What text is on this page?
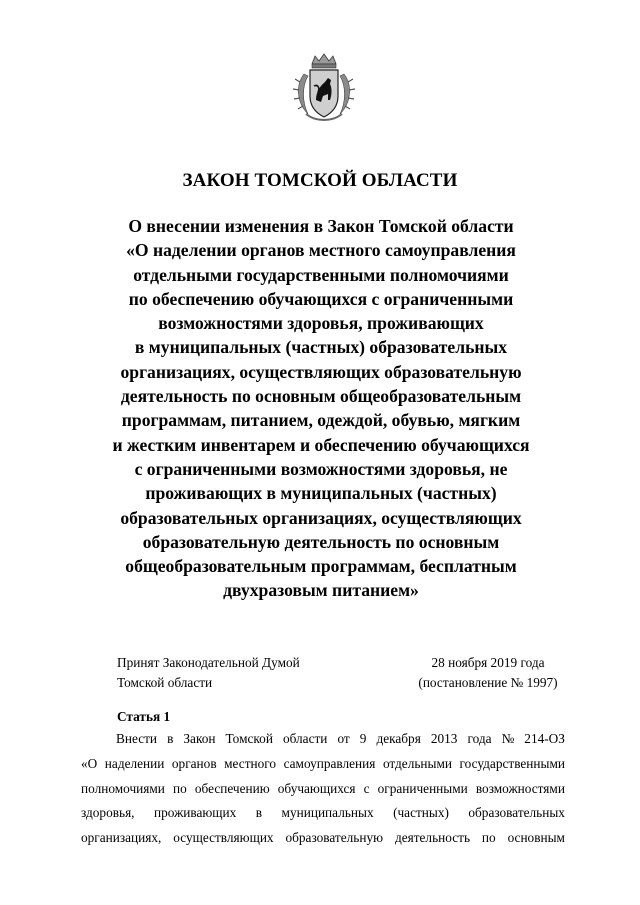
ЗАКОН ТОМСКОЙ ОБЛАСТИ
О внесении изменения в Закон Томской области
«О наделении органов местного самоуправления
отдельными государственными полномочиями
по обеспечению обучающихся с ограниченными
возможностями здоровья, проживающих
в муниципальных (частных) образовательных
организациях, осуществляющих образовательную
деятельность по основным общеобразовательным
программам, питанием, одеждой, обувью, мягким
и жестким инвентарем и обеспечению обучающихся
с ограниченными возможностями здоровья, не
проживающих в муниципальных (частных)
образовательных организациях, осуществляющих
образовательную деятельность по основным
общеобразовательным программам, бесплатным
двухразовым питанием»
Принят Законодательной Думой
Томской области
28 ноября 2019 года
(постановление № 1997)
Статья 1
Внести в Закон Томской области от 9 декабря 2013 года № 214-ОЗ
«О наделении органов местного самоуправления отдельными государственными
полномочиями по обеспечению обучающихся с ограниченными возможностями
здоровья, проживающих в муниципальных (частных) образовательных
организациях, осуществляющих образовательную деятельность по основным
